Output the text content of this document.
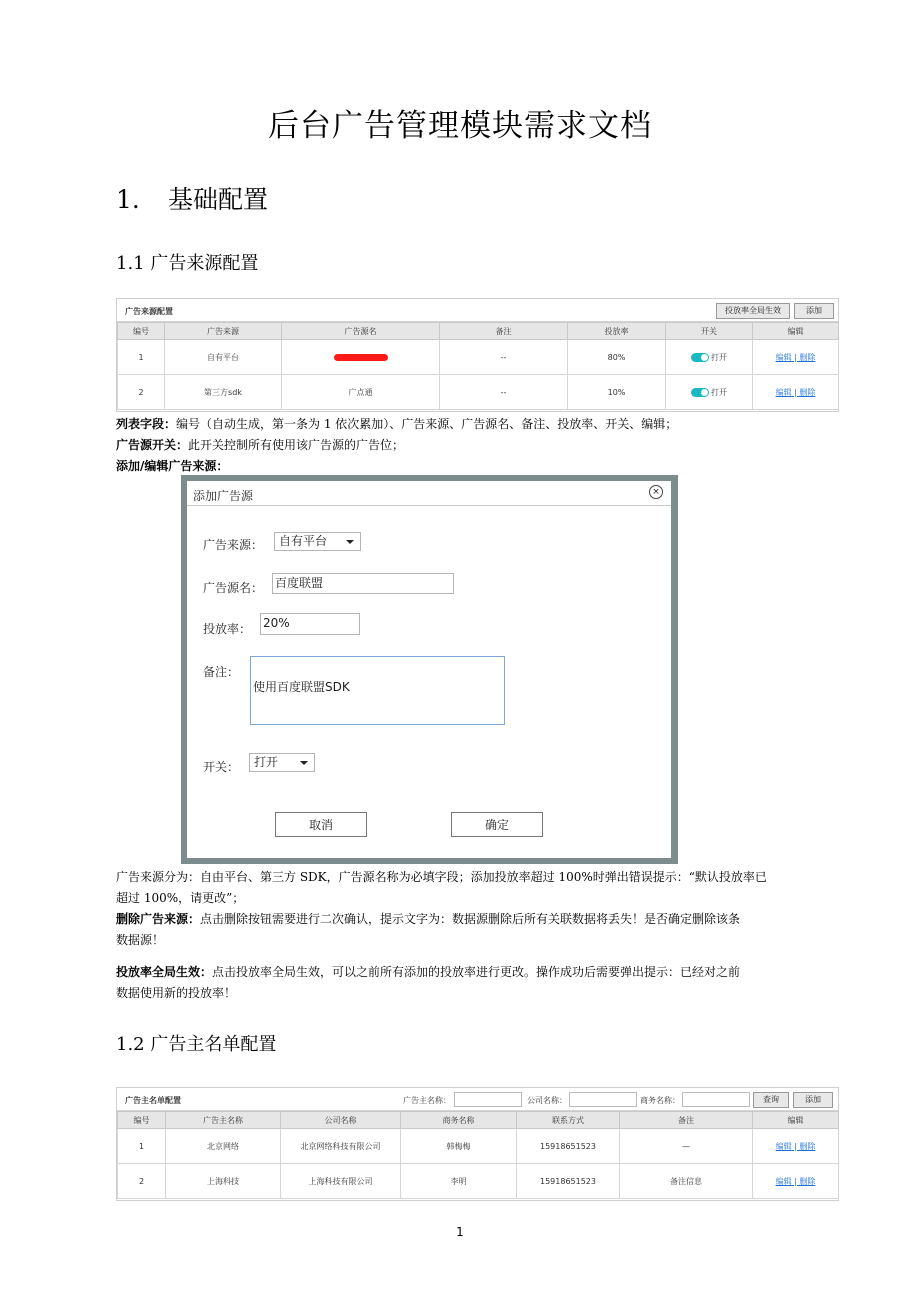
后台广告管理模块需求文档
1. 基础配置
1.1 广告来源配置
广告来源配置	投放率全局生效	添加
编号	广告来源	广告源名	备注	投放率	开关	编辑
1	自有平台		--	80%	打开	编辑 | 删除
2	第三方sdk	广点通	--	10%	打开	编辑 | 删除
列表字段：编号（自动生成，第一条为 1 依次累加）、广告来源、广告源名、备注、投放率、开关、编辑；
广告源开关：此开关控制所有使用该广告源的广告位；
添加/编辑广告来源：
添加广告源	×
广告来源：	自有平台
广告源名： 百度联盟
投放率： 20%
备注：
使用百度联盟SDK
开关：	打开
取消	确定
广告来源分为：自由平台、第三方 SDK，广告源名称为必填字段；添加投放率超过 100%时弹出错误提示：“默认投放率已
超过 100%，请更改”；
删除广告来源：点击删除按钮需要进行二次确认，提示文字为：数据源删除后所有关联数据将丢失！是否确定删除该条
数据源！
投放率全局生效：点击投放率全局生效，可以之前所有添加的投放率进行更改。操作成功后需要弹出提示：已经对之前
数据使用新的投放率！
1.2 广告主名单配置
广告主名单配置	广告主名称：	公司名称：	商务名称：	查询	添加
编号	广告主名称	公司名称	商务名称	联系方式	备注	编辑
1	北京网络	北京网络科技有限公司	韩梅梅	15918651523	—	编辑 | 删除
2	上海科技	上海科技有限公司	李明	15918651523	备注信息	编辑 | 删除
1
